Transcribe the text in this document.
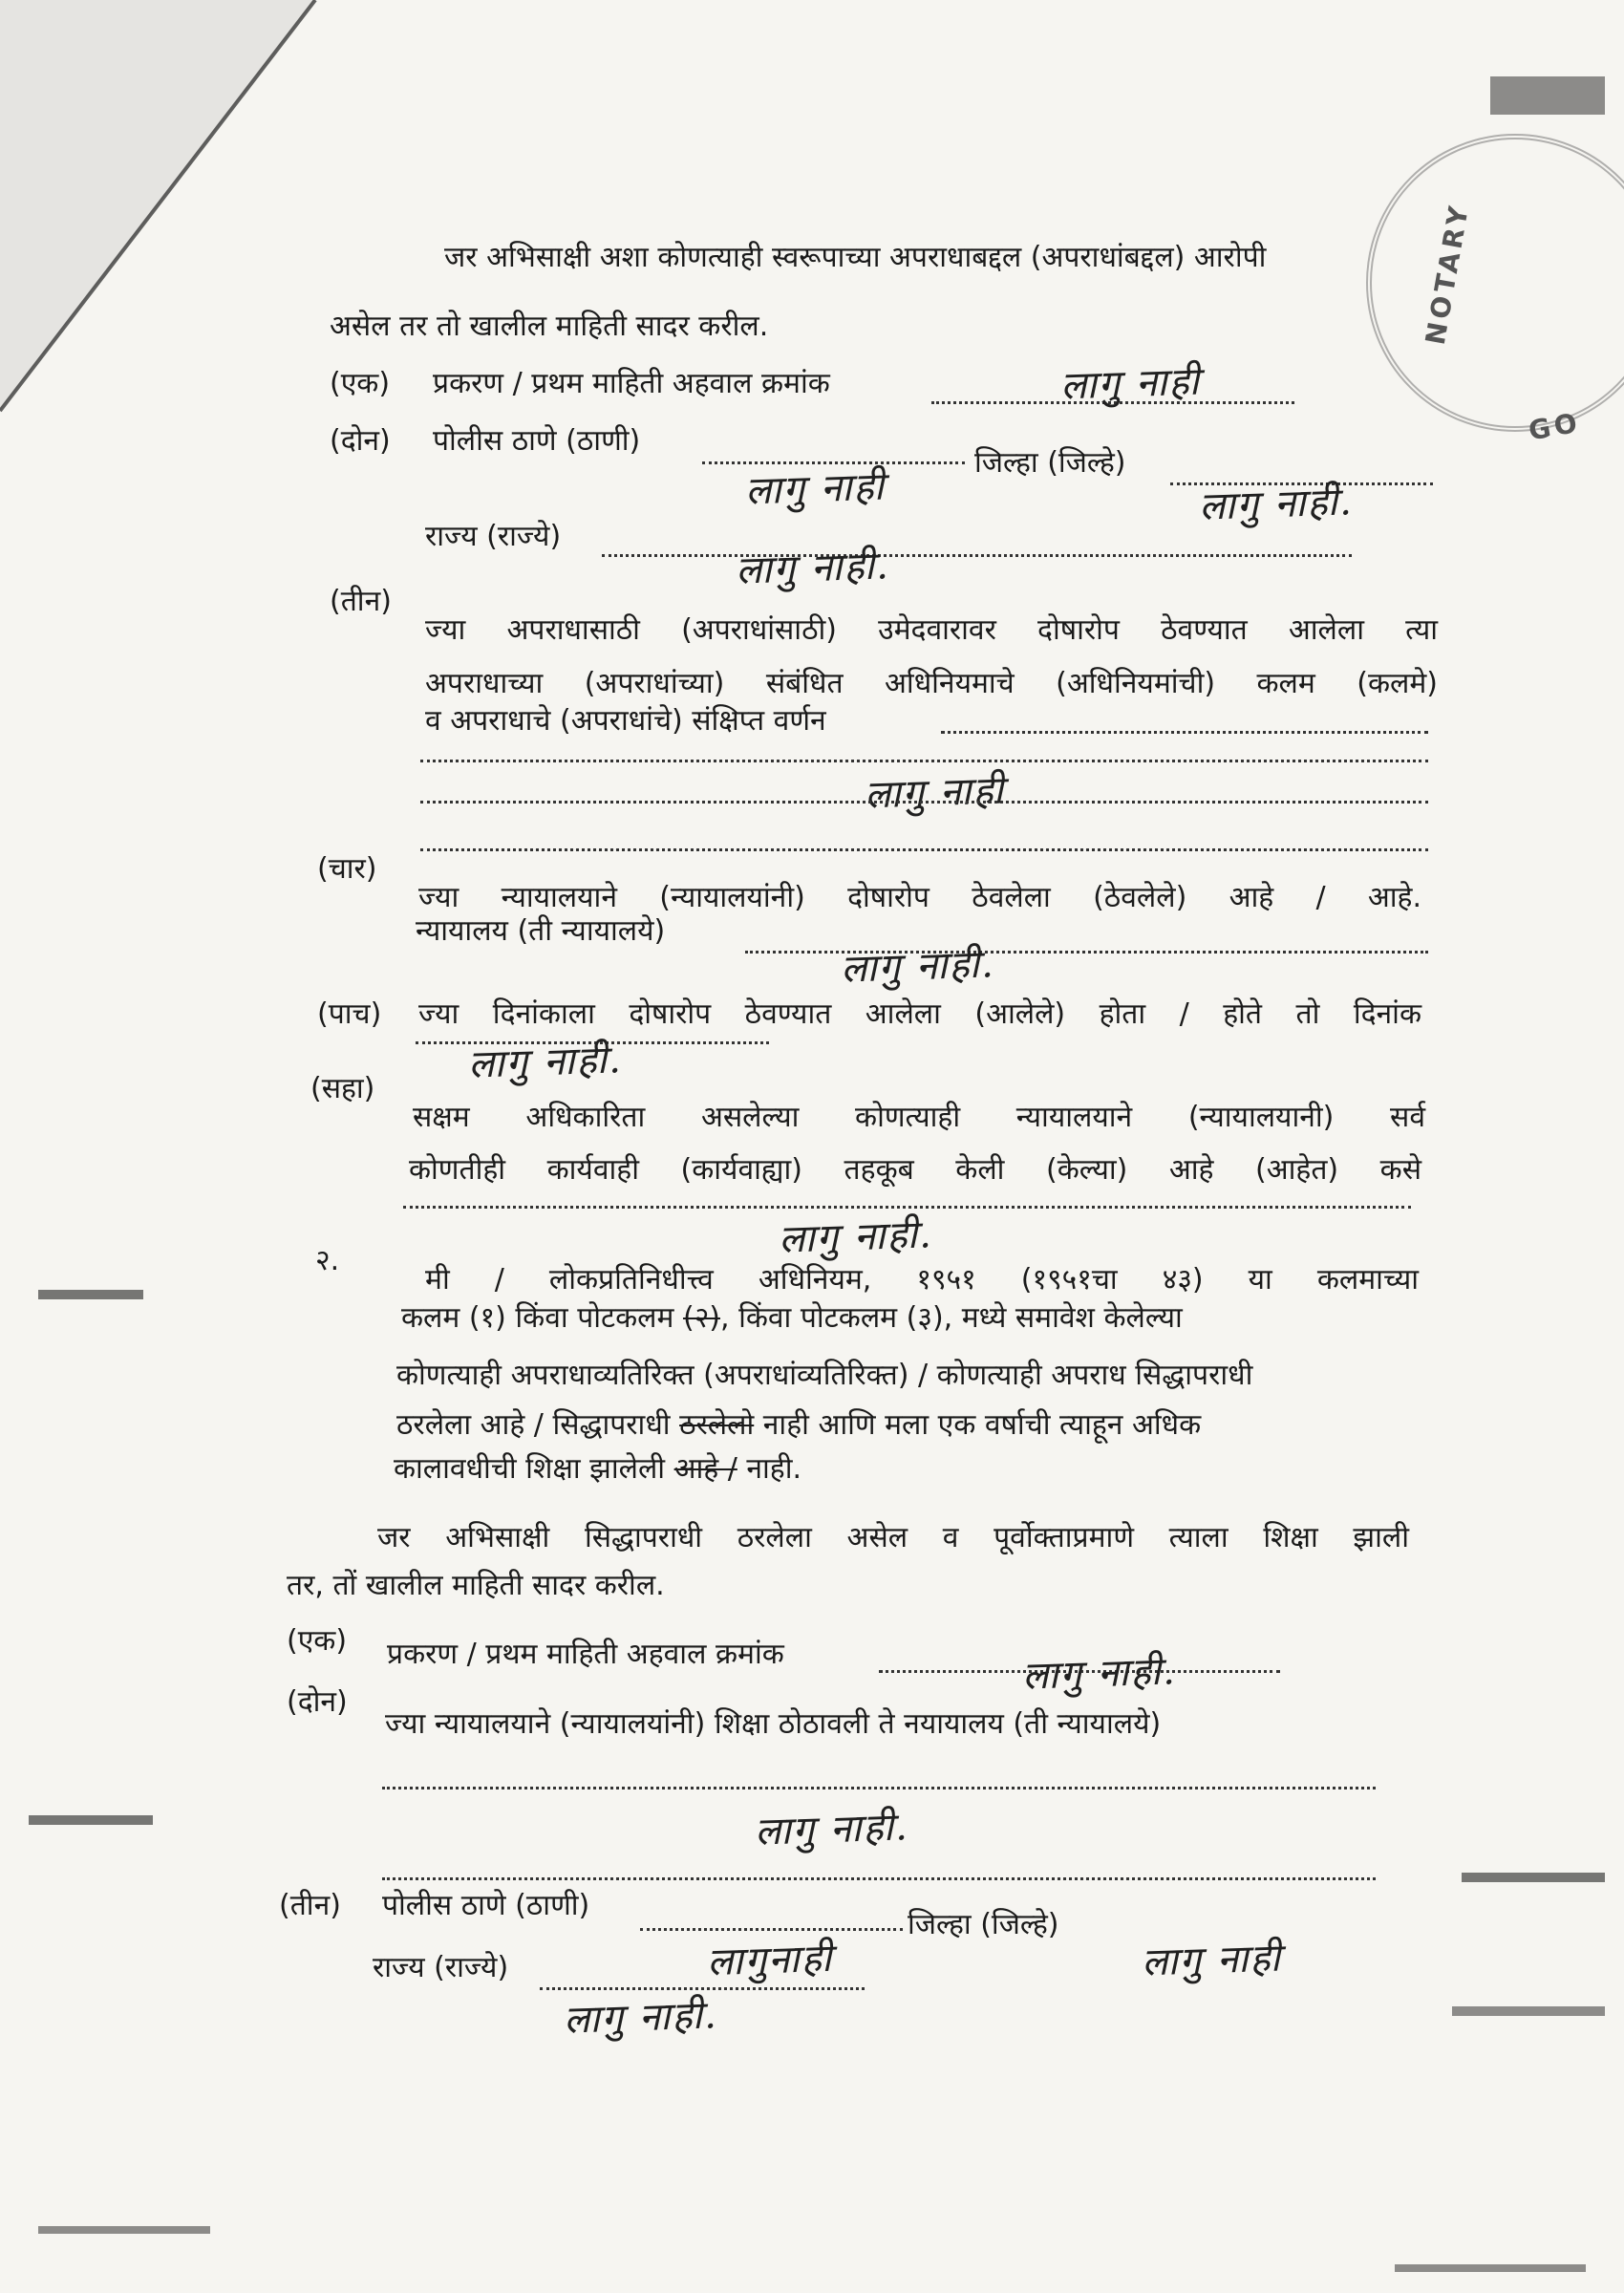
NOTARY
GO
जर अभिसाक्षी अशा कोणत्याही स्वरूपाच्या अपराधाबद्दल (अपराधांबद्दल) आरोपी
असेल तर तो खालील माहिती सादर करील.
(एक) प्रकरण / प्रथम माहिती अहवाल क्रमांक	लागु नाही
(दोन) पोलीस ठाणे (ठाणी)
लागु नाही
जिल्हा (जिल्हे)
लागु नाही.
राज्य (राज्ये)
लागु नाही.
(तीन)
ज्या अपराधासाठी (अपराधांसाठी) उमेदवारावर दोषारोप ठेवण्यात आलेला त्या
अपराधाच्या (अपराधांच्या) संबंधित अधिनियमाचे (अधिनियमांची) कलम (कलमे)
व अपराधाचे (अपराधांचे) संक्षिप्त वर्णन
लागु नाही
(चार)
ज्या न्यायालयाने (न्यायालयांनी) दोषारोप ठेवलेला (ठेवलेले) आहे / आहे.
न्यायालय (ती न्यायालये)
लागु नाही.
(पाच) ज्या दिनांकाला दोषारोप ठेवण्यात आलेला (आलेले) होता / होते तो दिनांक
लागु नाही.
(सहा)
सक्षम अधिकारिता असलेल्या कोणत्याही न्यायालयाने (न्यायालयानी) सर्व
कोणतीही कार्यवाही (कार्यवाह्या) तहकूब केली (केल्या) आहे (आहेत) कसे
लागु नाही.
२.
मी / लोकप्रतिनिधीत्त्व अधिनियम, १९५१ (१९५१चा ४३) या कलमाच्या
कलम (१) किंवा पोटकलम (२), किंवा पोटकलम (३), मध्ये समावेश केलेल्या
कोणत्याही अपराधाव्यतिरिक्त (अपराधांव्यतिरिक्त) / कोणत्याही अपराध सिद्धापराधी
ठरलेला आहे / सिद्धापराधी ठरलेलो नाही आणि मला एक वर्षाची त्याहून अधिक
कालावधीची शिक्षा झालेली आहे / नाही.
जर अभिसाक्षी सिद्धापराधी ठरलेला असेल व पूर्वोक्ताप्रमाणे त्याला शिक्षा झाली
तर, तों खालील माहिती सादर करील.
(एक) प्रकरण / प्रथम माहिती अहवाल क्रमांक	लागु नाही.
(दोन)
ज्या न्यायालयाने (न्यायालयांनी) शिक्षा ठोठावली ते नयायालय (ती न्यायालये)
लागु नाही.
(तीन) पोलीस ठाणे (ठाणी)
लागुनाही
जिल्हा (जिल्हे)
लागु नाही
राज्य (राज्ये)
लागु नाही.
